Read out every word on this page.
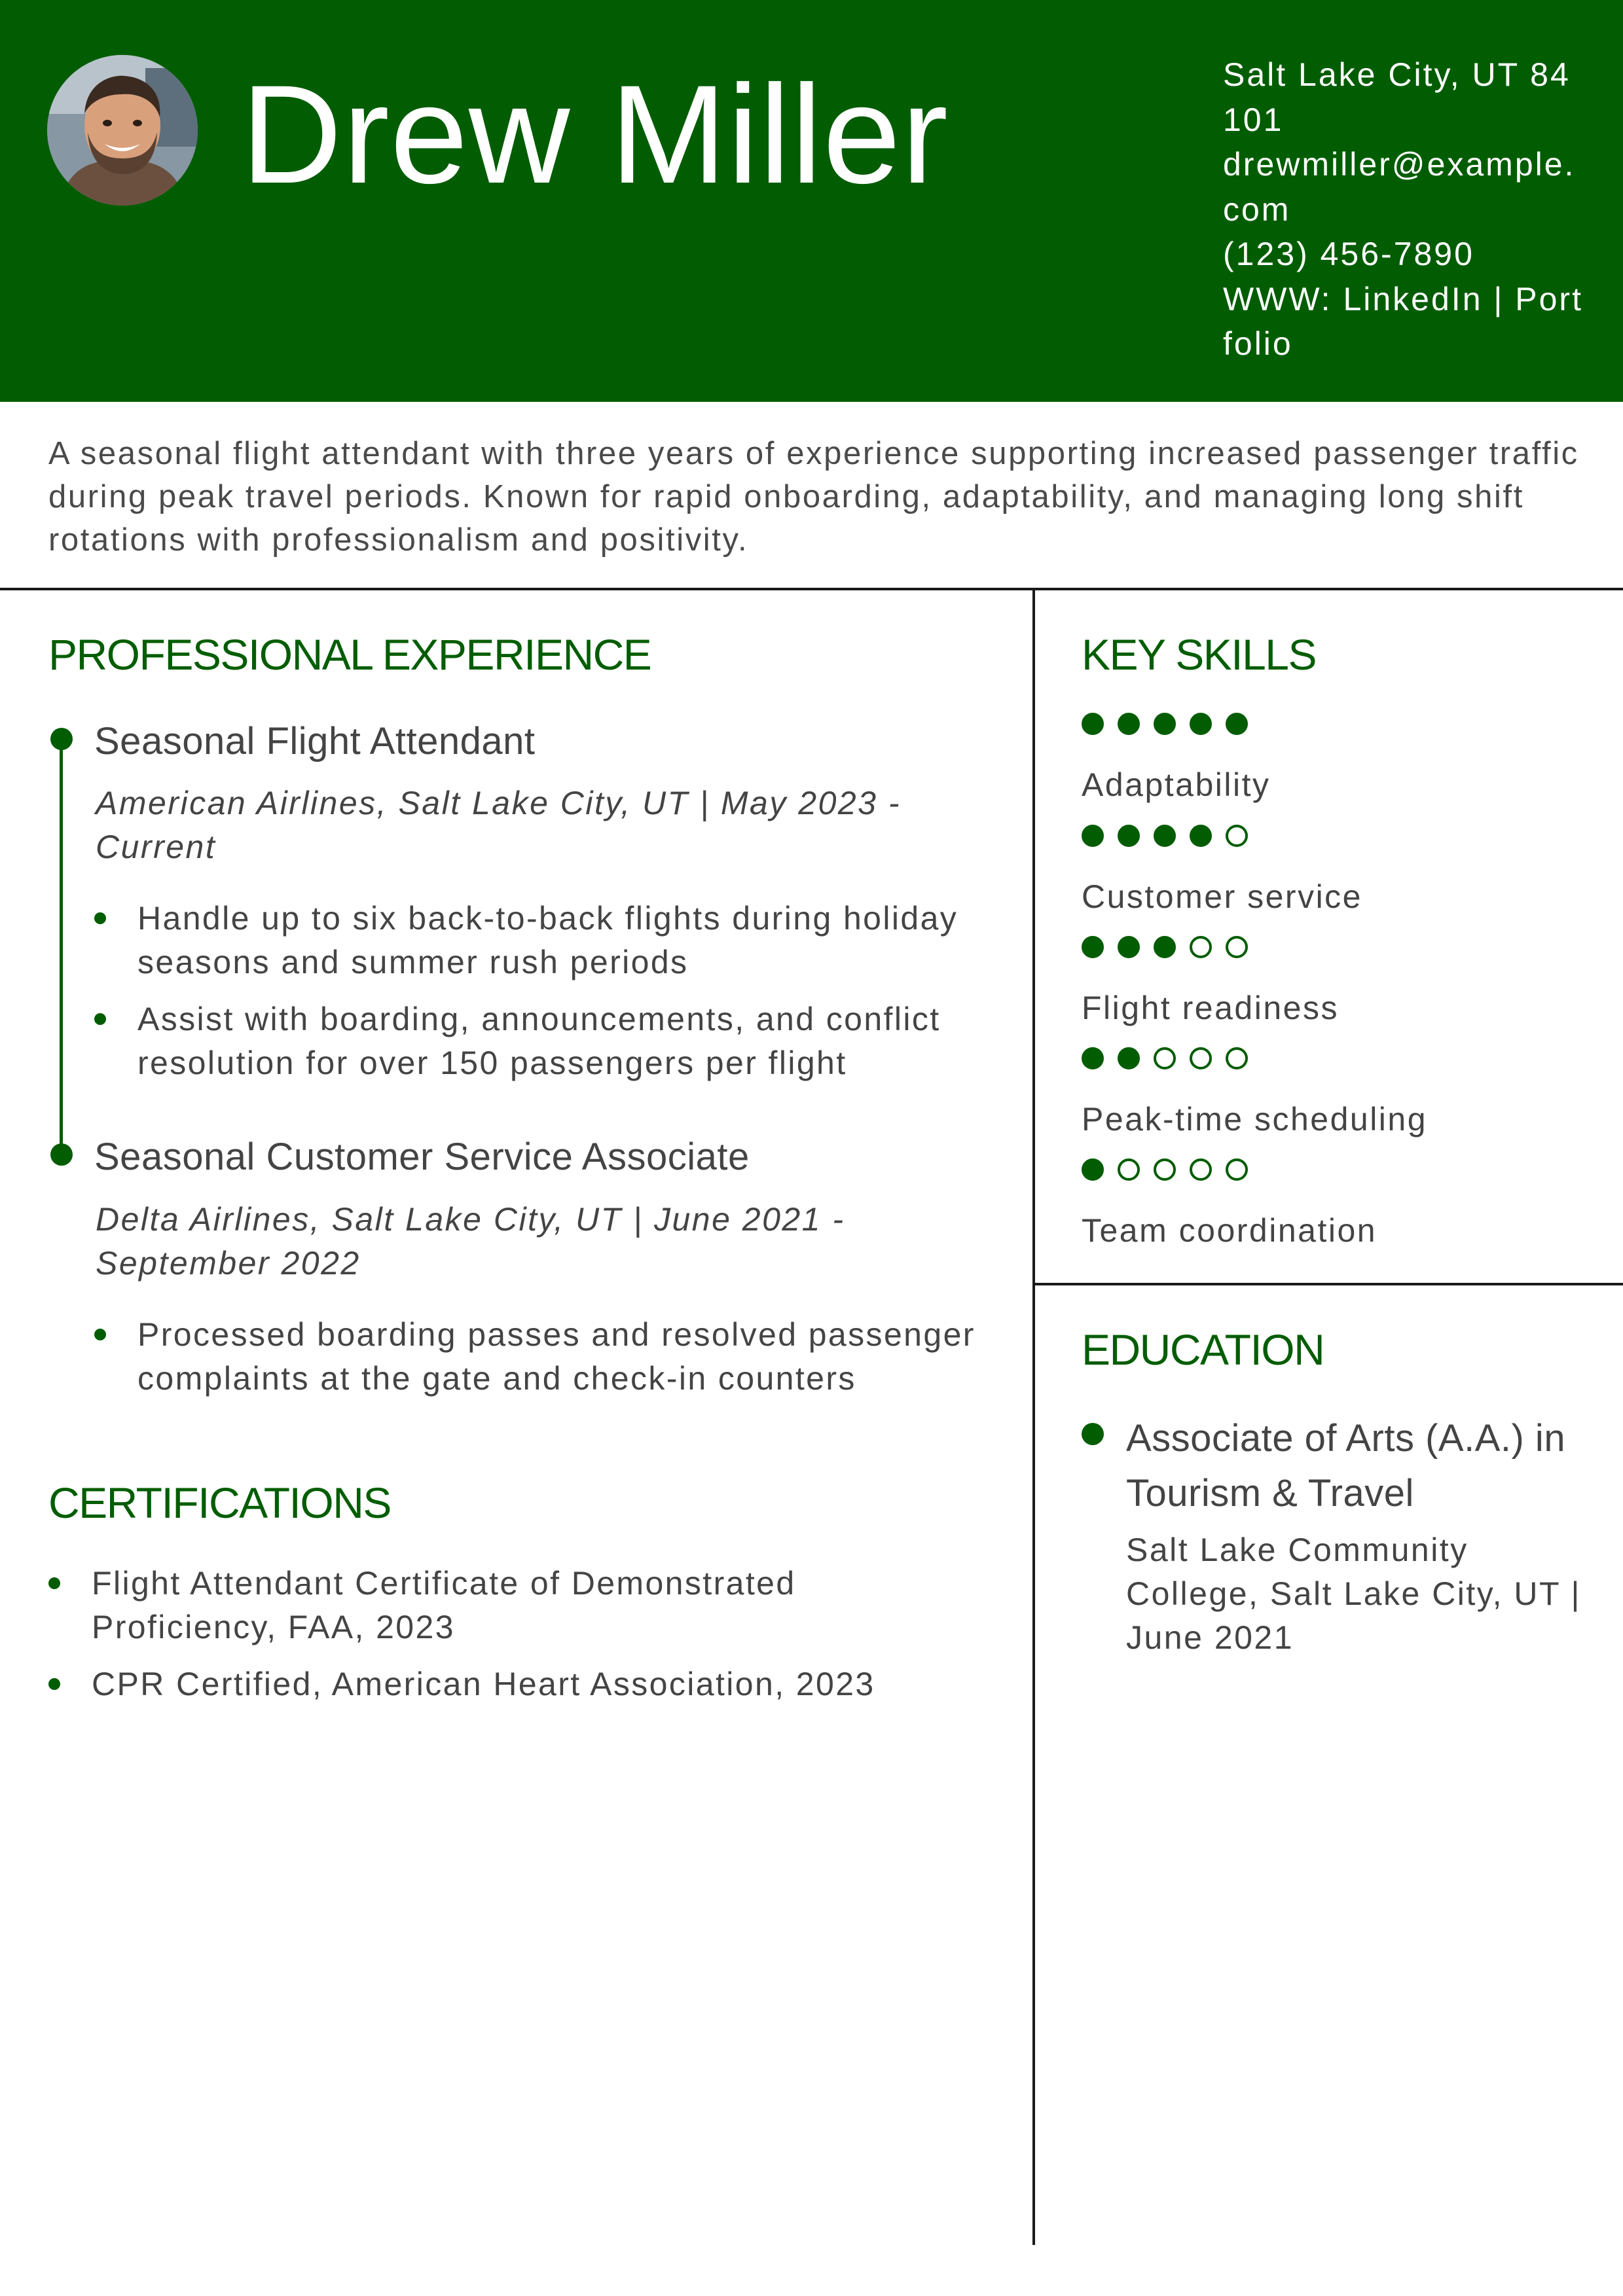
Drew Miller	Salt Lake City, UT 84101
drewmiller@example.com
(123) 456-7890
WWW: LinkedIn | Portfolio
A seasonal flight attendant with three years of experience supporting increased passenger traffic during peak travel periods. Known for rapid onboarding, adaptability, and managing long shift rotations with professionalism and positivity.
PROFESSIONAL EXPERIENCE
Seasonal Flight Attendant
American Airlines, Salt Lake City, UT | May 2023 - Current
Handle up to six back-to-back flights during holiday seasons and summer rush periods
Assist with boarding, announcements, and conflict resolution for over 150 passengers per flight
Seasonal Customer Service Associate
Delta Airlines, Salt Lake City, UT | June 2021 - September 2022
Processed boarding passes and resolved passenger complaints at the gate and check-in counters
CERTIFICATIONS
Flight Attendant Certificate of Demonstrated Proficiency, FAA, 2023
CPR Certified, American Heart Association, 2023
KEY SKILLS
Adaptability
Customer service
Flight readiness
Peak-time scheduling
Team coordination
EDUCATION
Associate of Arts (A.A.) in Tourism & Travel
Salt Lake Community College, Salt Lake City, UT | June 2021
